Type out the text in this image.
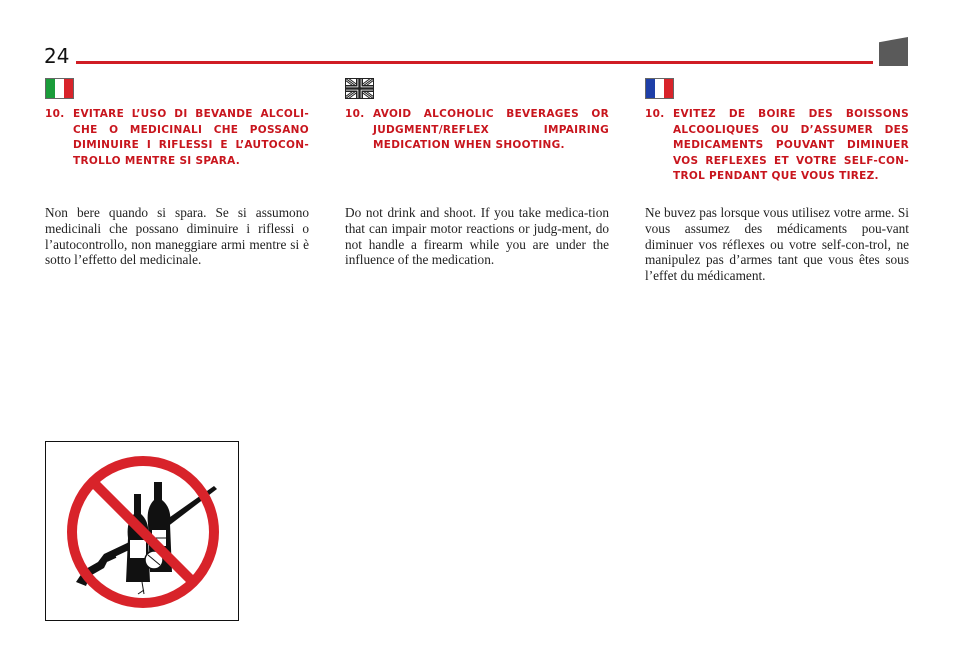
24
10. EVITARE L’USO DI BEVANDE ALCOLI-CHE O MEDICINALI CHE POSSANO DIMINUIRE I RIFLESSI E L’AUTOCON-TROLLO MENTRE SI SPARA.

Non bere quando si spara. Se si assumono medicinali che possano diminuire i riflessi o l’autocontrollo, non maneggiare armi mentre si è sotto l’effetto del medicinale.

10. AVOID ALCOHOLIC BEVERAGES OR JUDGMENT/REFLEX IMPAIRING MEDICATION WHEN SHOOTING.

Do not drink and shoot. If you take medica-tion that can impair motor reactions or judg-ment, do not handle a firearm while you are under the influence of the medication.

10. EVITEZ DE BOIRE DES BOISSONS ALCOOLIQUES OU D’ASSUMER DES MEDICAMENTS POUVANT DIMINUER VOS REFLEXES ET VOTRE SELF-CON-TROL PENDANT QUE VOUS TIREZ.

Ne buvez pas lorsque vous utilisez votre arme. Si vous assumez des médicaments pou-vant diminuer vos réflexes ou votre self-con-trol, ne manipulez pas d’armes tant que vous êtes sous l’effet du médicament.
